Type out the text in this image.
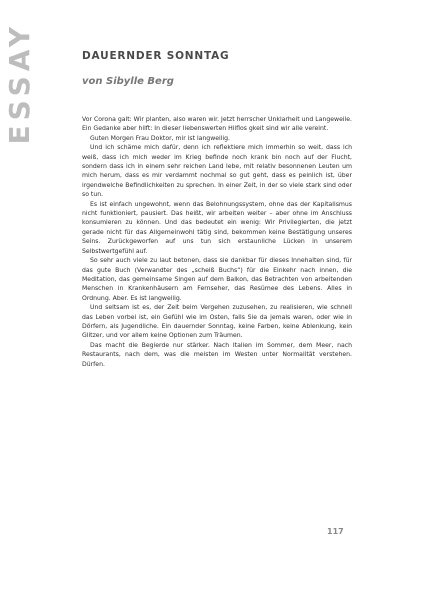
ESSAY	DAUERNDER SONNTAG
von Sibylle Berg

Vor Corona galt: Wir planten, also waren wir. Jetzt herrscher Unklarheit und Langeweile. Ein Gedanke aber hilft: In dieser liebenswerten Hilflos gkeit sind wir alle vereint.

Guten Morgen Frau Doktor, mir ist langweilig.

Und ich schäme mich dafür, denn ich reflektiere mich immerhin so weit, dass ich weiß, dass ich mich weder im Krieg befinde noch krank bin noch auf der Flucht, sondern dass ich in einem sehr reichen Land lebe, mit relativ besonnenen Leuten um mich herum, dass es mir verdammt nochmal so gut geht, dass es peinlich ist, über irgendwelche Befindlichkeiten zu sprechen. In einer Zeit, in der so viele stark sind oder so tun.

Es ist einfach ungewohnt, wenn das Belohnungssystem, ohne das der Kapitalismus nicht funktioniert, pausiert. Das heißt, wir arbeiten weiter – aber ohne im Anschluss konsumieren zu können. Und das bedeutet ein wenig: Wir Privilegierten, die jetzt gerade nicht für das Allgemeinwohl tätig sind, bekommen keine Bestätigung unseres Seins. Zurückgeworfen auf uns tun sich erstaunliche Lücken in unserem Selbstwertgefühl auf.

So sehr auch viele zu laut betonen, dass sie dankbar für dieses Innehalten sind, für das gute Buch (Verwandter des „scheiß Buchs“) für die Einkehr nach innen, die Meditation, das gemeinsame Singen auf dem Balkon, das Betrachten von arbeitenden Menschen in Krankenhäusern am Fernseher, das Resümee des Lebens. Alles in Ordnung. Aber. Es ist langweilig.

Und seltsam ist es, der Zeit beim Vergehen zuzusehen, zu realisieren, wie schnell das Leben vorbei ist, ein Gefühl wie im Osten, falls Sie da jemals waren, oder wie in Dörfern, als Jugendliche. Ein dauernder Sonntag, keine Farben, keine Ablenkung, kein Glitzer, und vor allem keine Optionen zum Träumen.

Das macht die Begierde nur stärker. Nach Italien im Sommer, dem Meer, nach Restaurants, nach dem, was die meisten im Westen unter Normalität verstehen. Dürfen.

117
